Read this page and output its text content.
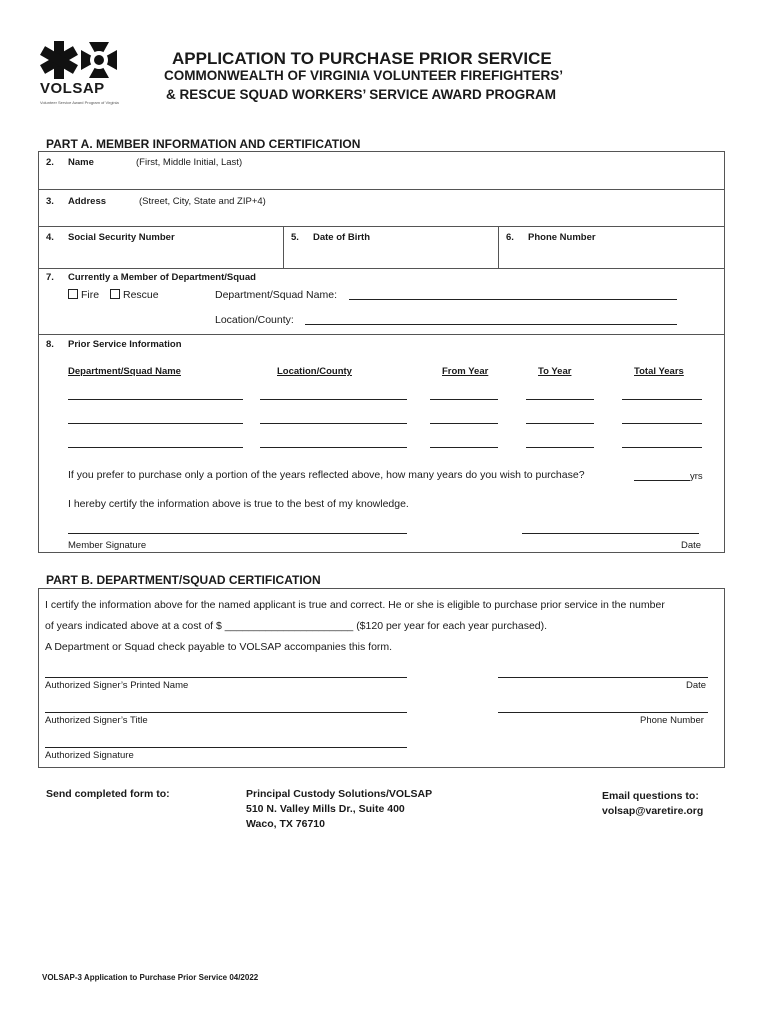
VOLSAP
Volunteer Service Award Program of Virginia
APPLICATION TO PURCHASE PRIOR SERVICE
COMMONWEALTH OF VIRGINIA VOLUNTEER FIREFIGHTERS’
& RESCUE SQUAD WORKERS’ SERVICE AWARD PROGRAM
PART A. MEMBER INFORMATION AND CERTIFICATION
2. Name	(First, Middle Initial, Last)
3. Address	(Street, City, State and ZIP+4)
4. Social Security Number	5. Date of Birth	6. Phone Number
7. Currently a Member of Department/Squad
Fire	Rescue	Department/Squad Name:
Location/County:
8. Prior Service Information
Department/Squad Name	Location/County	From Year	To Year	Total Years
If you prefer to purchase only a portion of the years reflected above, how many years do you wish to purchase?	yrs
I hereby certify the information above is true to the best of my knowledge.
Member Signature	Date
PART B. DEPARTMENT/SQUAD CERTIFICATION
I certify the information above for the named applicant is true and correct. He or she is eligible to purchase prior service in the number
of years indicated above at a cost of $ ______________________ ($120 per year for each year purchased).
A Department or Squad check payable to VOLSAP accompanies this form.
Authorized Signer’s Printed Name	Date
Authorized Signer’s Title	Phone Number
Authorized Signature
Send completed form to:	Principal Custody Solutions/VOLSAP
510 N. Valley Mills Dr., Suite 400
Waco, TX 76710
Email questions to:
volsap@varetire.org
VOLSAP-3 Application to Purchase Prior Service 04/2022
